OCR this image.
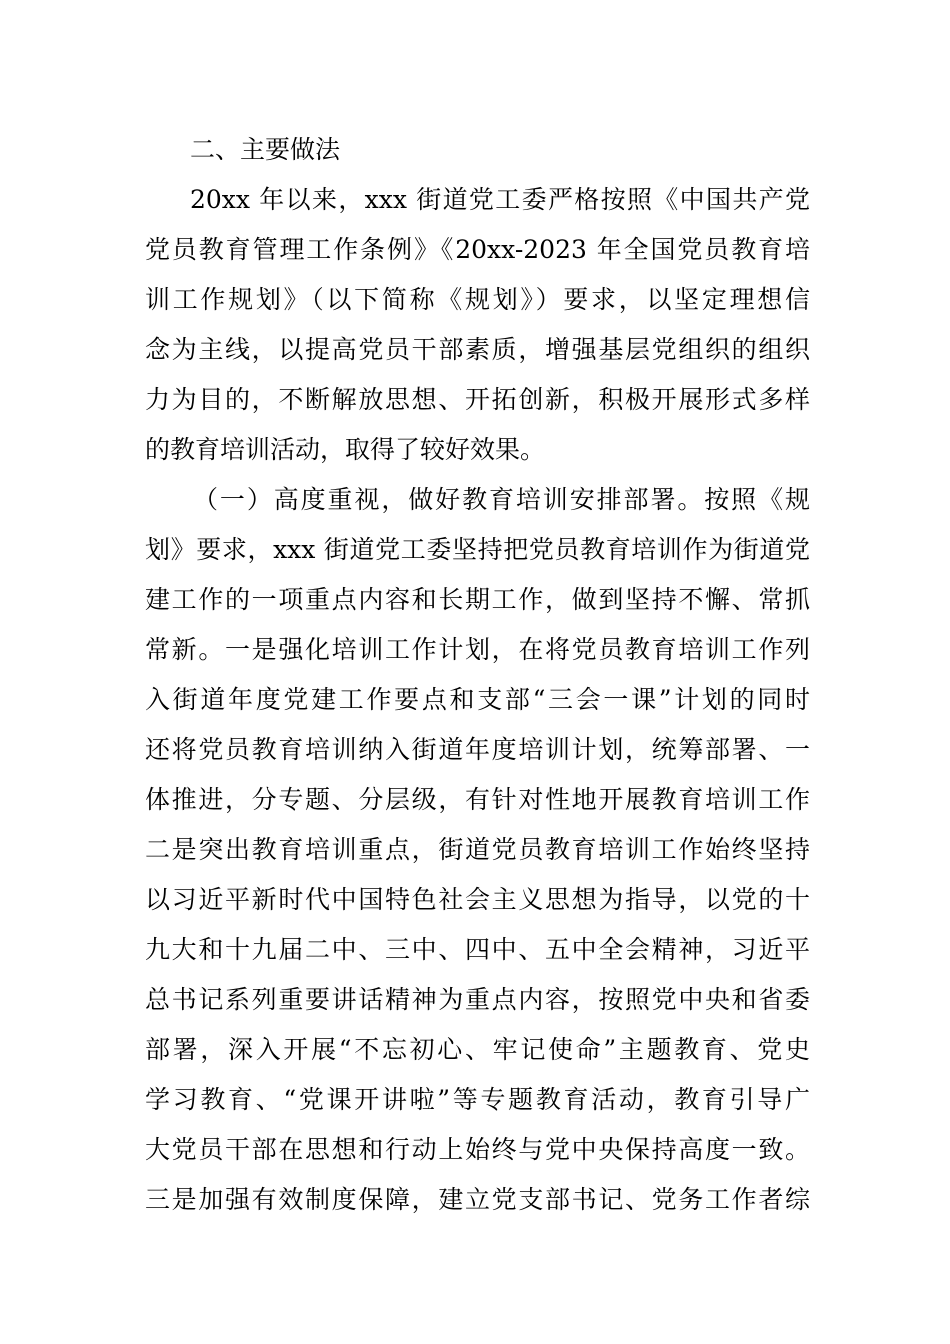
二、主要做法
20xx 年以来，xxx 街道党工委严格按照《中国共产党
党员教育管理工作条例》《20xx-2023 年全国党员教育培
训工作规划》（以下简称《规划》）要求，以坚定理想信
念为主线，以提高党员干部素质，增强基层党组织的组织
力为目的，不断解放思想、开拓创新，积极开展形式多样
的教育培训活动，取得了较好效果。
（一）高度重视，做好教育培训安排部署。按照《规
划》要求，xxx 街道党工委坚持把党员教育培训作为街道党
建工作的一项重点内容和长期工作，做到坚持不懈、常抓
常新。一是强化培训工作计划，在将党员教育培训工作列
入街道年度党建工作要点和支部“三会一课”计划的同时
还将党员教育培训纳入街道年度培训计划，统筹部署、一
体推进，分专题、分层级，有针对性地开展教育培训工作
二是突出教育培训重点，街道党员教育培训工作始终坚持
以习近平新时代中国特色社会主义思想为指导，以党的十
九大和十九届二中、三中、四中、五中全会精神，习近平
总书记系列重要讲话精神为重点内容，按照党中央和省委
部署，深入开展“不忘初心、牢记使命”主题教育、党史
学习教育、“党课开讲啦”等专题教育活动，教育引导广
大党员干部在思想和行动上始终与党中央保持高度一致。
三是加强有效制度保障，建立党支部书记、党务工作者综
